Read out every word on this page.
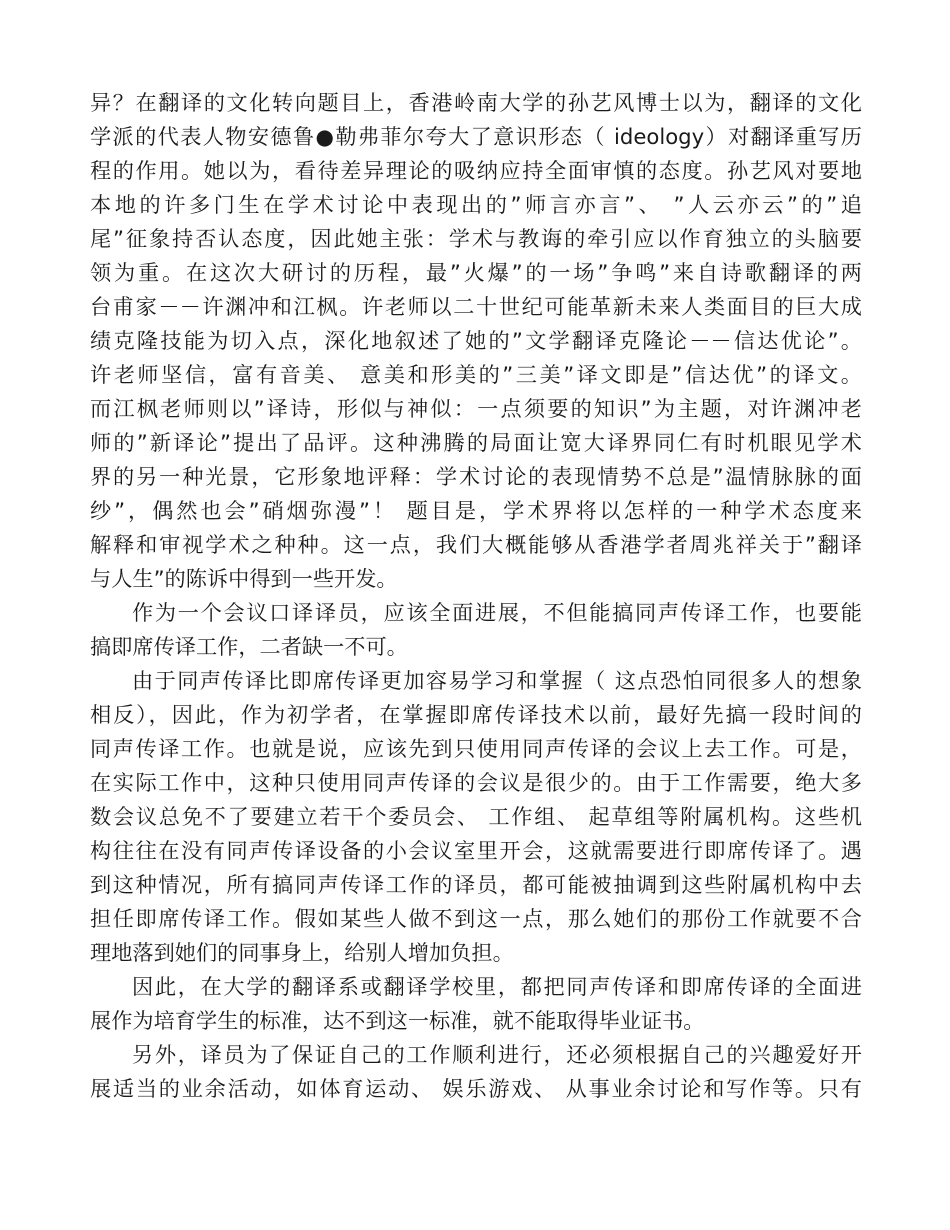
异？在翻译的文化转向题目上，香港岭南大学的孙艺风博士以为，翻译的文化
学派的代表人物安德鲁●勒弗菲尔夸大了意识形态（ ideology）对翻译重写历
程的作用。她以为，看待差异理论的吸纳应持全面审慎的态度。孙艺风对要地
本地的许多门生在学术讨论中表现出的”师言亦言”、 ”人云亦云”的”追
尾”征象持否认态度，因此她主张：学术与教诲的牵引应以作育独立的头脑要
领为重。在这次大研讨的历程，最”火爆”的一场”争鸣”来自诗歌翻译的两
台甫家－－许渊冲和江枫。许老师以二十世纪可能革新未来人类面目的巨大成
绩克隆技能为切入点，深化地叙述了她的”文学翻译克隆论－－信达优论”。
许老师坚信，富有音美、 意美和形美的”三美”译文即是”信达优”的译文。
而江枫老师则以”译诗，形似与神似：一点须要的知识”为主题，对许渊冲老
师的”新译论”提出了品评。这种沸腾的局面让宽大译界同仁有时机眼见学术
界的另一种光景，它形象地评释：学术讨论的表现情势不总是”温情脉脉的面
纱”，偶然也会”硝烟弥漫”！ 题目是，学术界将以怎样的一种学术态度来
解释和审视学术之种种。这一点，我们大概能够从香港学者周兆祥关于”翻译
与人生”的陈诉中得到一些开发。
作为一个会议口译译员，应该全面进展，不但能搞同声传译工作，也要能
搞即席传译工作，二者缺一不可。
由于同声传译比即席传译更加容易学习和掌握（ 这点恐怕同很多人的想象
相反），因此，作为初学者，在掌握即席传译技术以前，最好先搞一段时间的
同声传译工作。也就是说，应该先到只使用同声传译的会议上去工作。可是，
在实际工作中，这种只使用同声传译的会议是很少的。由于工作需要，绝大多
数会议总免不了要建立若干个委员会、 工作组、 起草组等附属机构。这些机
构往往在没有同声传译设备的小会议室里开会，这就需要进行即席传译了。遇
到这种情况，所有搞同声传译工作的译员，都可能被抽调到这些附属机构中去
担任即席传译工作。假如某些人做不到这一点，那么她们的那份工作就要不合
理地落到她们的同事身上，给别人增加负担。
因此，在大学的翻译系或翻译学校里，都把同声传译和即席传译的全面进
展作为培育学生的标准，达不到这一标准，就不能取得毕业证书。
另外，译员为了保证自己的工作顺利进行，还必须根据自己的兴趣爱好开
展适当的业余活动，如体育运动、 娱乐游戏、 从事业余讨论和写作等。只有
